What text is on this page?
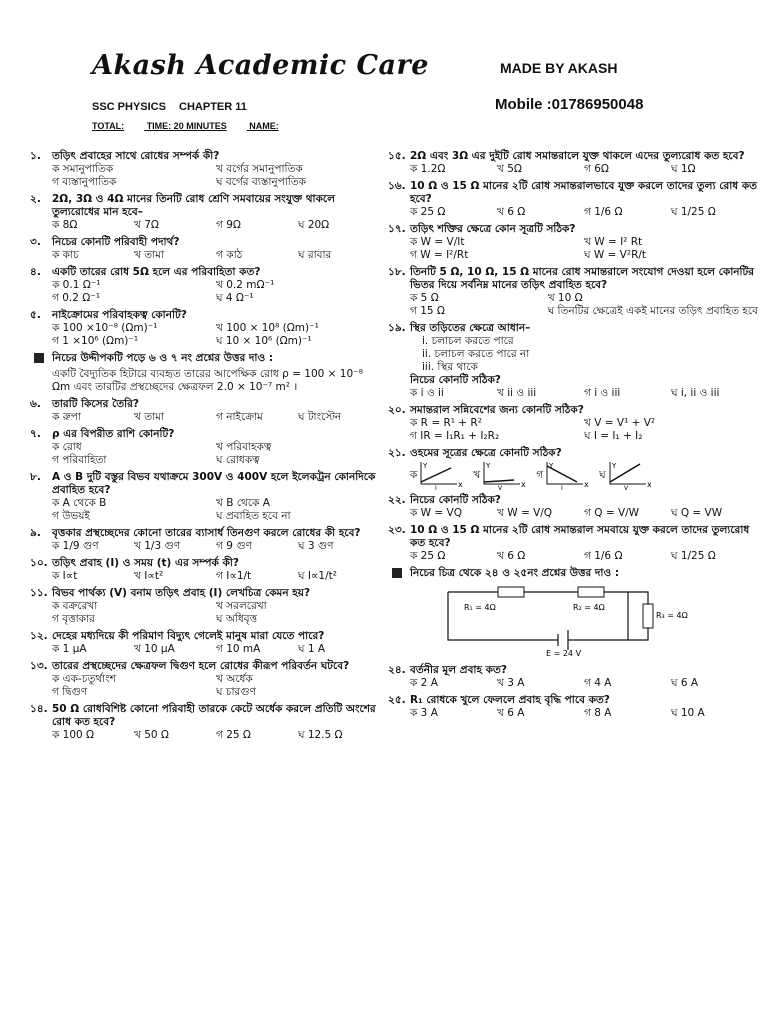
Akash Academic Care	MADE BY AKASH
SSC PHYSICS CHAPTER 11	Mobile :01786950048
TOTAL:	TIME: 20 MINUTES	NAME:
১.	তড়িৎ প্রবাহের সাথে রোধের সম্পর্ক কী?
ক সমানুপাতিক	খ বর্গের সমানুপাতিক
গ ব্যস্তানুপাতিক	ঘ বর্গের ব্যস্তানুপাতিক
২.	2Ω, 3Ω ও 4Ω মানের তিনটি রোধ শ্রেণি সমবায়ের সংযুক্ত থাকলে তুল্যরোধের মান হবে–
ক 8Ω	খ 7Ω	গ 9Ω	ঘ 20Ω
৩.	নিচের কোনটি পরিবাহী পদার্থ?
ক কাচ	খ তামা	গ কাঠ	ঘ রাবার
৪.	একটি তারের রোধ 5Ω হলে এর পরিবাহিতা কত?
ক 0.1 Ω⁻¹	খ 0.2 mΩ⁻¹
গ 0.2 Ω⁻¹	ঘ 4 Ω⁻¹
৫.	নাইক্রোমের পরিবাহকত্ব কোনটি?
ক 100 ×10⁻⁸ (Ωm)⁻¹	খ 100 × 10⁸ (Ωm)⁻¹
গ 1 ×10⁶ (Ωm)⁻¹	ঘ 10 × 10⁶ (Ωm)⁻¹
নিচের উদ্দীপকটি পড়ে ৬ ও ৭ নং প্রশ্নের উত্তর দাও :
একটি বৈদ্যুতিক হিটারে ব্যবহৃত তারের আপেক্ষিক রোধ ρ = 100 × 10⁻⁸ Ωm এবং তারটির প্রস্থচ্ছেদের ক্ষেত্রফল 2.0 × 10⁻⁷ m² ।
৬.	তারটি কিসের তৈরি?
ক রুপা	খ তামা	গ নাইক্রোম	ঘ টাংস্টেন
৭.	ρ এর বিপরীত রাশি কোনটি?
ক রোধ	খ পরিবাহকত্ব
গ পরিবাহিতা	ঘ রোধকত্ব
৮.	A ও B দুটি বস্তুর বিভব যথাক্রমে 300V ও 400V হলে ইলেকট্রন কোনদিকে প্রবাহিত হবে?
ক A থেকে B	খ B থেকে A
গ উভয়ই	ঘ প্রবাহিত হবে না
৯.	বৃত্তকার প্রস্থচ্ছেদের কোনো তারের ব্যাসার্ধ তিনগুণ করলে রোধের কী হবে?
ক 1/9 গুণ	খ 1/3 গুণ	গ 9 গুণ	ঘ 3 গুণ
১০. তড়িৎ প্রবাহ (I) ও সময় (t) এর সম্পর্ক কী?
ক I∝t	খ I∝t²	গ I∝1/t	ঘ I∝1/t²
১১. বিভব পার্থক্য (V) বনাম তড়িৎ প্রবাহ (I) লেখচিত্র কেমন হয়?
ক বক্ররেখা	খ সরলরেখা
গ বৃত্তাকার	ঘ অধিবৃত্ত
১২. দেহের মধ্যদিয়ে কী পরিমাণ বিদ্যুৎ গেলেই মানুষ মারা যেতে পারে?
ক 1 μA	খ 10 μA	গ 10 mA	ঘ 1 A
১৩. তারের প্রস্থচ্ছেদের ক্ষেত্রফল দ্বিগুণ হলে রোধের কীরূপ পরিবর্তন ঘটবে?
ক এক-চতুর্থাংশ	খ অর্ধেক
গ দ্বিগুণ	ঘ চারগুণ
১৪. 50 Ω রোধবিশিষ্ট কোনো পরিবাহী তারকে কেটে অর্ধেক করলে প্রতিটি অংশের রোধ কত হবে?
ক 100 Ω	খ 50 Ω	গ 25 Ω	ঘ 12.5 Ω
১৫. 2Ω এবং 3Ω এর দুইটি রোধ সমান্তরালে যুক্ত থাকলে এদের তুল্যরোধ কত হবে?
ক 1.2Ω	খ 5Ω	গ 6Ω	ঘ 1Ω
১৬. 10 Ω ও 15 Ω মানের ২টি রোধ সমান্তরালভাবে যুক্ত করলে তাদের তুল্য রোধ কত হবে?
ক 25 Ω	খ 6 Ω	গ 1/6 Ω	ঘ 1/25 Ω
১৭. তড়িৎ শক্তির ক্ষেত্রে কোন সূত্রটি সঠিক?
ক W = V/It	খ W = I² Rt
গ W = I²/Rt	ঘ W = V²R/t
১৮. তিনটি 5 Ω, 10 Ω, 15 Ω মানের রোধ সমান্তরালে সংযোগ দেওয়া হলে কোনটির ভিতর দিয়ে সর্বনিম্ন মানের তড়িৎ প্রবাহিত হবে?
ক 5 Ω	খ 10 Ω
গ 15 Ω	ঘ তিনটির ক্ষেত্রেই একই মানের তড়িৎ প্রবাহিত হবে
১৯. স্থির তড়িতের ক্ষেত্রে আধান–
i. চলাচল করতে পারে
ii. চলাচল করতে পারে না
iii. স্থির থাকে
নিচের কোনটি সঠিক?
ক i ও ii	খ ii ও iii	গ i ও iii	ঘ i, ii ও iii
২০. সমান্তরাল সন্নিবেশের জন্য কোনটি সঠিক?
ক R = R¹ + R²	খ V = V¹ + V²
গ IR = I₁R₁ + I₂R₂	ঘ I = I₁ + I₂
২১. ওহমের সূত্রের ক্ষেত্রে কোনটি সঠিক?
ক
Y
x
I
খ
Y
x
V
গ
Y
x
I
ঘ
Y
x
V
২২. নিচের কোনটি সঠিক?
ক W = VQ	খ W = V/Q	গ Q = V/W	ঘ Q = VW
২৩. 10 Ω ও 15 Ω মানের ২টি রোধ সমান্তরাল সমবায়ে যুক্ত করলে তাদের তুল্যরোধ কত হবে?
ক 25 Ω	খ 6 Ω	গ 1/6 Ω	ঘ 1/25 Ω
নিচের চিত্র থেকে ২৪ ও ২৫নং প্রশ্নের উত্তর দাও :
R₁ = 4Ω	R₂ = 4Ω
R₃ = 4Ω
E = 24 V
২৪. বর্তনীর মূল প্রবাহ কত?
ক 2 A	খ 3 A	গ 4 A	ঘ 6 A
২৫. R₁ রোধকে খুলে ফেললে প্রবাহ বৃদ্ধি পাবে কত?
ক 3 A	খ 6 A	গ 8 A	ঘ 10 A
